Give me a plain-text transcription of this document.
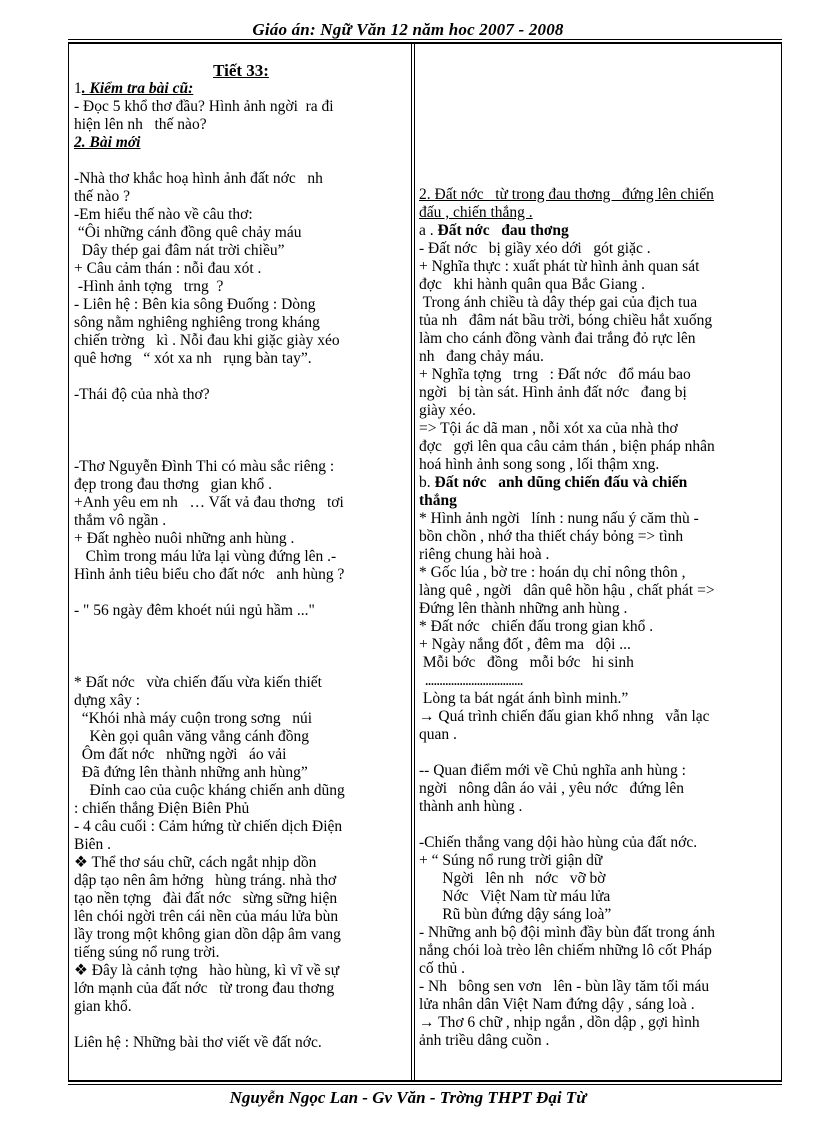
Giáo án: Ngữ Văn 12 năm hoc 2007 - 2008
Tiết 33:
1. Kiểm tra bài cũ:
- Đọc 5 khổ thơ đầu? Hình ảnh ngời  ra đi
hiện lên nh   thế nào?
2. Bài mới
-Nhà thơ khắc hoạ hình ảnh đất nớc   nh
thế nào ?
-Em hiểu thế nào về câu thơ:
“Ôi những cánh đồng quê chảy máu
Dây thép gai đâm nát trời chiều”
+ Câu cảm thán : nỗi đau xót .
-Hình ảnh tợng   trng  ?
- Liên hệ : Bên kia sông Đuống : Dòng
sông nằm nghiêng nghiêng trong kháng
chiến trờng   kì . Nỗi đau khi giặc giày xéo
quê hơng   “ xót xa nh   rụng bàn tay”.
-Thái độ của nhà thơ?
-Thơ Nguyễn Đình Thi có màu sắc riêng :
đẹp trong đau thơng   gian khổ .
+Anh yêu em nh   … Vất vả đau thơng   tơi
thắm vô ngần .
+ Đất nghèo nuôi những anh hùng .
Chìm trong máu lửa lại vùng đứng lên .-
Hình ảnh tiêu biểu cho đất nớc   anh hùng ?
- " 56 ngày đêm khoét núi ngủ hầm ..."
* Đất nớc   vừa chiến đấu vừa kiến thiết
dựng xây :
“Khói nhà máy cuộn trong sơng   núi
Kèn gọi quân văng vẳng cánh đồng
Ôm đất nớc   những ngời   áo vải
Đã đứng lên thành những anh hùng”
Đỉnh cao của cuộc kháng chiến anh dũng
: chiến thắng Điện Biên Phủ
- 4 câu cuối : Cảm hứng từ chiến dịch Điện
Biên .
❖ Thể thơ sáu chữ, cách ngắt nhịp dồn
dập tạo nên âm hởng   hùng tráng. nhà thơ
tạo nền tợng   đài đất nớc   sừng sững hiện
lên chói ngời trên cái nền của máu lửa bùn
lầy trong một không gian dồn dập âm vang
tiếng súng nổ rung trời.
❖ Đây là cảnh tợng   hào hùng, kì vĩ về sự
lớn mạnh của đất nớc   từ trong đau thơng
gian khổ.
Liên hệ : Những bài thơ viết về đất nớc.
2. Đất nớc   từ trong đau thơng   đứng lên chiến
đấu , chiến thắng .
a . Đất nớc   đau thơng
- Đất nớc   bị giầy xéo dới   gót giặc .
+ Nghĩa thực : xuất phát từ hình ảnh quan sát
đợc   khi hành quân qua Bắc Giang .
Trong ánh chiều tà dây thép gai của địch tua
tủa nh   đâm nát bầu trời, bóng chiều hắt xuống
làm cho cánh đồng vành đai trắng đỏ rực lên
nh   đang chảy máu.
+ Nghĩa tợng   trng   : Đất nớc   đổ máu bao
ngời   bị tàn sát. Hình ảnh đất nớc   đang bị
giày xéo.
=> Tội ác dã man , nỗi xót xa của nhà thơ
đợc   gợi lên qua câu cảm thán , biện pháp nhân
hoá hình ảnh song song , lối thậm xng.
b. Đất nớc   anh dũng chiến đấu và chiến
thắng
* Hình ảnh ngời   lính : nung nấu ý căm thù -
bồn chồn , nhớ tha thiết cháy bỏng => tình
riêng chung hài hoà .
* Gốc lúa , bờ tre : hoán dụ chỉ nông thôn ,
làng quê , ngời   dân quê hồn hậu , chất phát =>
Đứng lên thành những anh hùng .
* Đất nớc   chiến đấu trong gian khổ .
+ Ngày nắng đốt , đêm ma   dội ...
Mỗi bớc   đồng   mỗi bớc   hi sinh
..................................
Lòng ta bát ngát ánh bình minh.”
→ Quá trình chiến đấu gian khổ nhng   vẫn lạc
quan .
-- Quan điểm mới về Chủ nghĩa anh hùng :
ngời   nông dân áo vải , yêu nớc   đứng lên
thành anh hùng .
-Chiến thắng vang dội hào hùng của đất nớc.
+ “ Súng nổ rung trời giận dữ
Ngời   lên nh   nớc   vỡ bờ
Nớc   Việt Nam từ máu lửa
Rũ bùn đứng dậy sáng loà”
- Những anh bộ đội mình đầy bùn đất trong ánh
nắng chói loà trèo lên chiếm những lô cốt Pháp
cố thủ .
- Nh   bông sen vơn   lên - bùn lầy tăm tối máu
lửa nhân dân Việt Nam đứng dậy , sáng loà .
→ Thơ 6 chữ , nhịp ngắn , dồn dập , gợi hình
ảnh triều dâng cuồn .
Nguyễn Ngọc Lan - Gv Văn - Trờng THPT Đại Từ
